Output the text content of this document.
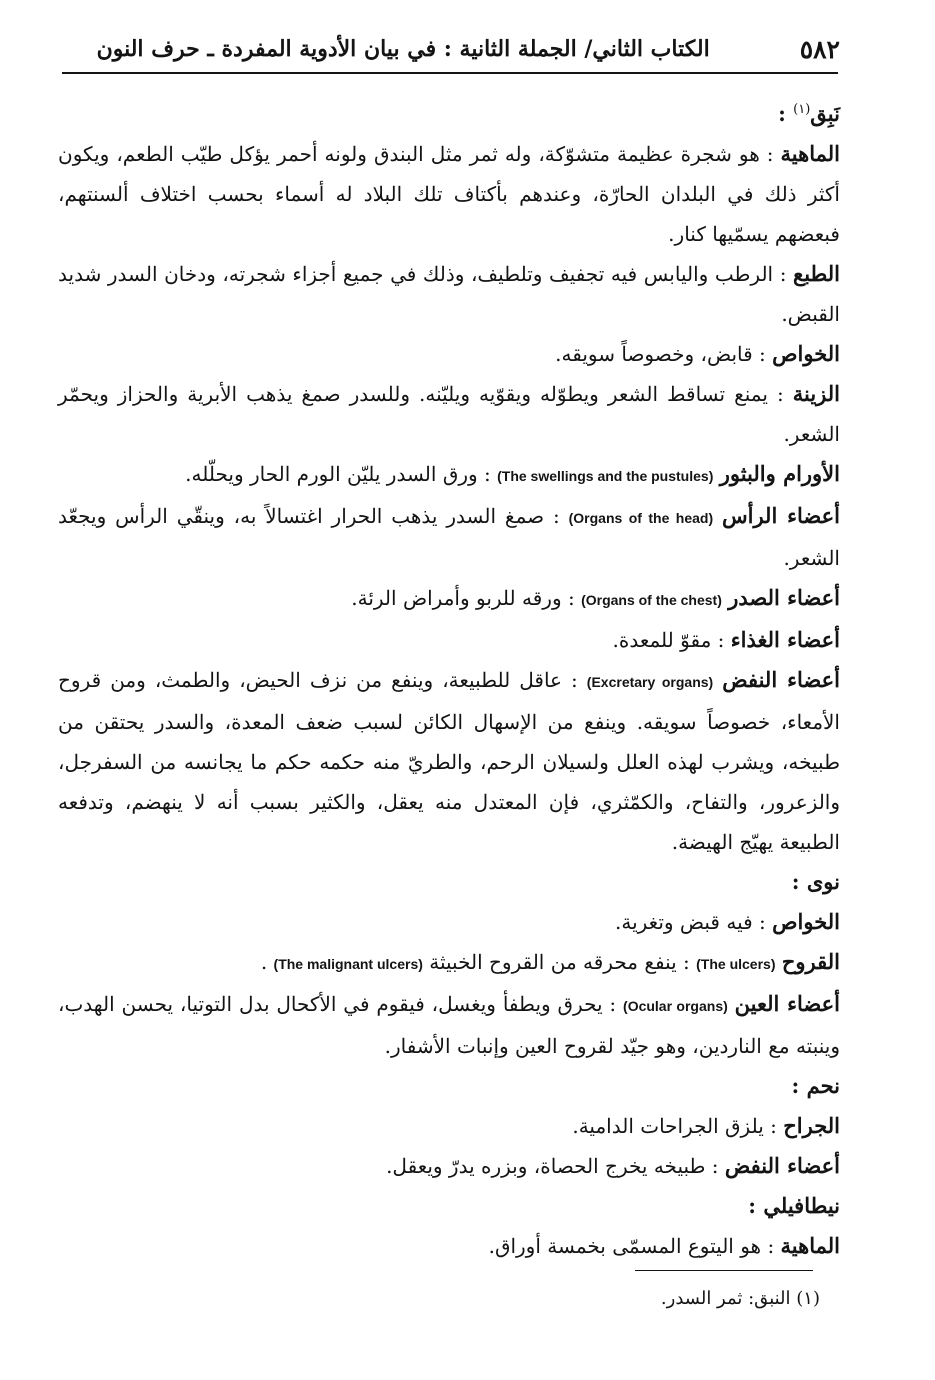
٥٨٢
الكتاب الثاني/ الجملة الثانية : في بيان الأدوية المفردة ـ حرف النون

نَبِق$^{(١)}$ :

الماهية : هو شجرة عظيمة متشوّكة، وله ثمر مثل البندق ولونه أحمر يؤكل طيّب الطعم، ويكون أكثر ذلك في البلدان الحارّة، وعندهم بأكتاف تلك البلاد له أسماء بحسب اختلاف ألسنتهم، فبعضهم يسمّيها كنار.

الطبع : الرطب واليابس فيه تجفيف وتلطيف، وذلك في جميع أجزاء شجرته، ودخان السدر شديد القبض.

الخواص : قابض، وخصوصاً سويقه.

الزينة : يمنع تساقط الشعر ويطوّله ويقوّيه ويليّنه. وللسدر صمغ يذهب الأبرية والحزاز ويحمّر الشعر.

الأورام والبثور (The swellings and the pustules) : ورق السدر يليّن الورم الحار ويحلّله.

أعضاء الرأس (Organs of the head) : صمغ السدر يذهب الحرار اغتسالاً به، وينقّي الرأس ويجعّد الشعر.

أعضاء الصدر (Organs of the chest) : ورقه للربو وأمراض الرئة.

أعضاء الغذاء : مقوّ للمعدة.

أعضاء النفض (Excretary organs) : عاقل للطبيعة، وينفع من نزف الحيض، والطمث، ومن قروح الأمعاء، خصوصاً سويقه. وينفع من الإسهال الكائن لسبب ضعف المعدة، والسدر يحتقن من طبيخه، ويشرب لهذه العلل ولسيلان الرحم، والطريّ منه حكمه حكم ما يجانسه من السفرجل، والزعرور، والتفاح، والكمّثري، فإن المعتدل منه يعقل، والكثير بسبب أنه لا ينهضم، وتدفعه الطبيعة يهيّج الهيضة.

نوى :

الخواص : فيه قبض وتغرية.

القروح (The ulcers) : ينفع محرقه من القروح الخبيثة (The malignant ulcers) .

أعضاء العين (Ocular organs) : يحرق ويطفأ ويغسل، فيقوم في الأكحال بدل التوتيا، يحسن الهدب، وينبته مع الناردين، وهو جيّد لقروح العين وإنبات الأشفار.

نحم :

الجراح : يلزق الجراحات الدامية.

أعضاء النفض : طبيخه يخرج الحصاة، وبزره يدرّ ويعقل.

نيطافيلي :

الماهية : هو اليتوع المسمّى بخمسة أوراق.

(١) النبق: ثمر السدر.
